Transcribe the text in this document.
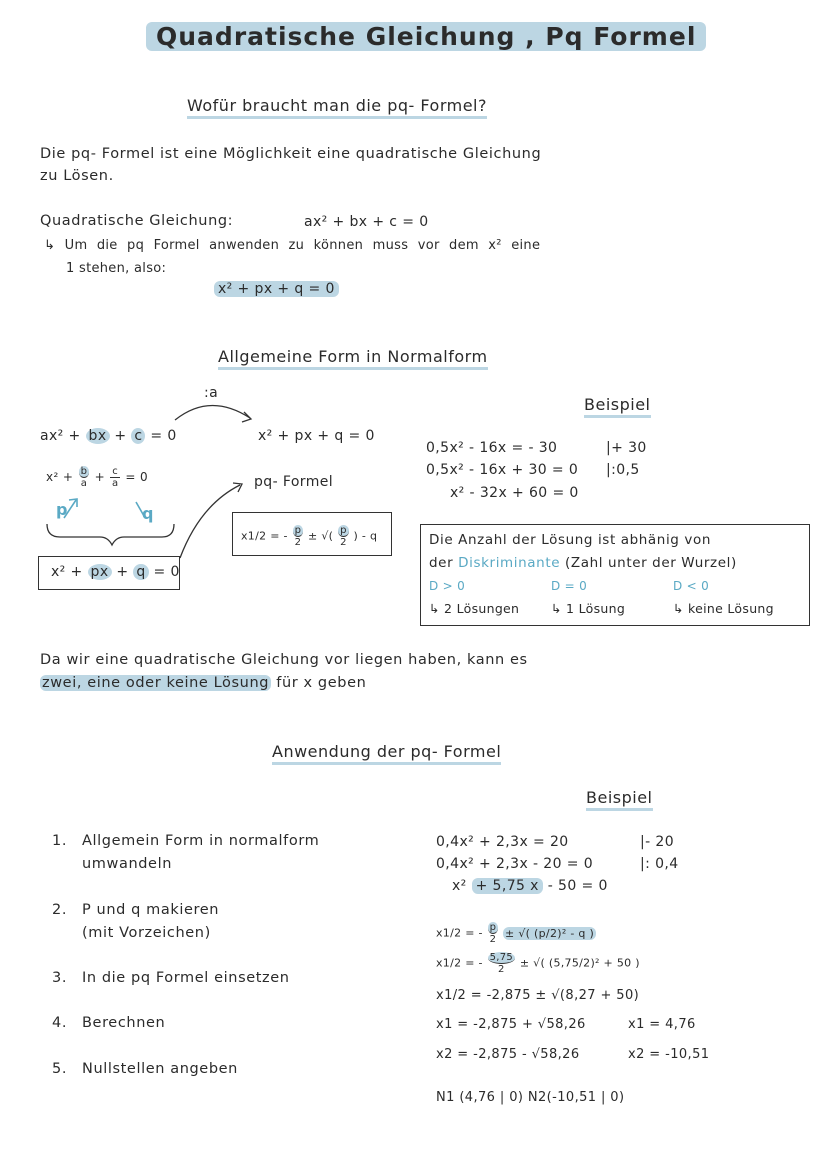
Quadratische Gleichung , Pq Formel
Wofür braucht man die pq- Formel?
Die pq- Formel ist eine Möglichkeit eine quadratische Gleichung
zu Lösen.
Quadratische Gleichung:	ax² + bx + c = 0
↳ Um die pq Formel anwenden zu können muss vor dem x² eine
1 stehen, also:
x² + px + q = 0
Allgemeine Form in Normalform
:a
ax² + bx + c = 0	x² + px + q = 0
$x^2 + \frac{b}{a} + \frac{c}{a} = 0$
p	q
x² + px + q = 0
pq- Formel
x1/2 = - $\frac{p}{2}$ ± √( $\frac{p}{2}$ ) - q
Beispiel
0,5x² - 16x = - 30	|+ 30
0,5x² - 16x + 30 = 0 |:0,5
x² - 32x + 60 = 0
Die Anzahl der Lösung ist abhänig von
der Diskriminante (Zahl unter der Wurzel)
D > 0	D = 0	D < 0
↳ 2 Lösungen	↳ 1 Lösung	↳ keine Lösung
Da wir eine quadratische Gleichung vor liegen haben, kann es
zwei, eine oder keine Lösung für x geben
Anwendung der pq- Formel
Beispiel
1. Allgemein Form in normalform
umwandeln
2. P und q makieren
(mit Vorzeichen)
3. In die pq Formel einsetzen
4. Berechnen
5. Nullstellen angeben
0,4x² + 2,3x = 20	|- 20
0,4x² + 2,3x - 20 = 0	|: 0,4
x² + 5,75 x - 50 = 0
x1/2 = - $\frac{p}{2}$ ± √( (p/2)² - q )
x1/2 = - $\frac{5,75}{2}$ ± √( (5,75/2)² + 50 )
x1/2 = -2,875 ± √(8,27 + 50)
x1 = -2,875 + √58,26	x1 = 4,76
x2 = -2,875 - √58,26	x2 = -10,51
N1 (4,76 | 0) N2(-10,51 | 0)
